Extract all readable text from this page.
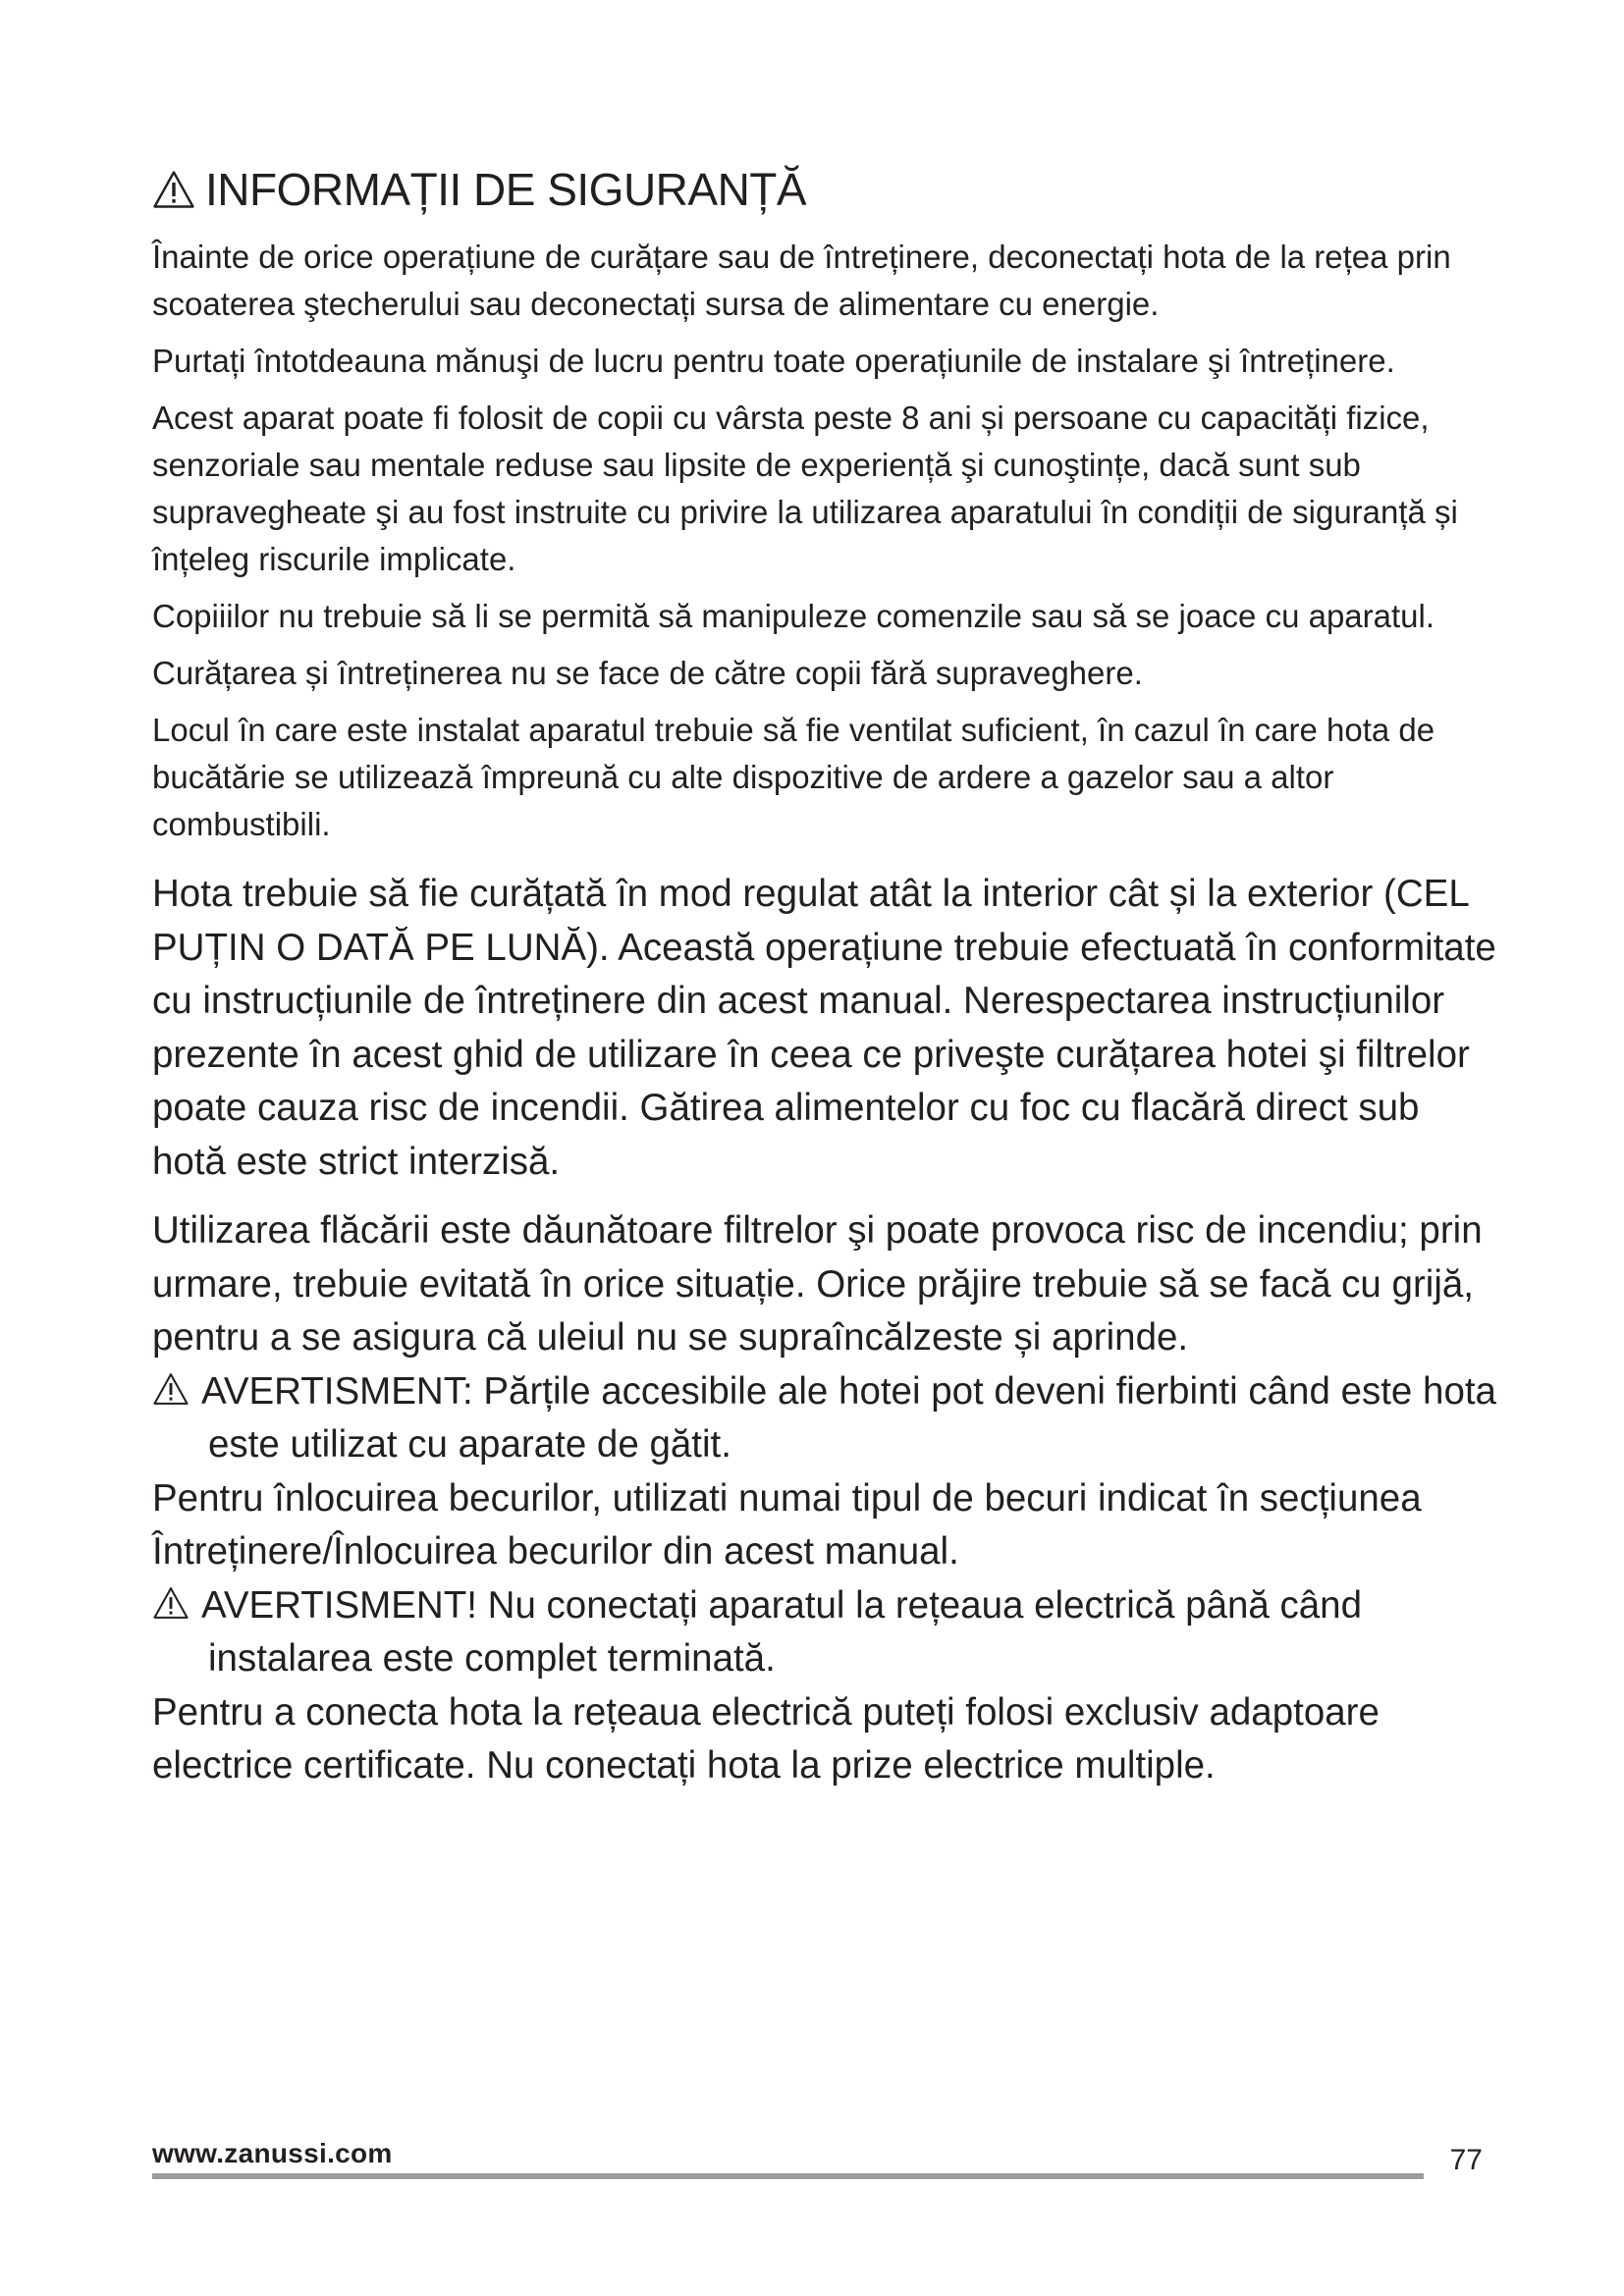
INFORMAȚII DE SIGURANȚĂ

Înainte de orice operațiune de curățare sau de întreținere, deconectați hota de la rețea prin scoaterea ştecherului sau deconectați sursa de alimentare cu energie.

Purtați întotdeauna mănuşi de lucru pentru toate operațiunile de instalare şi întreținere.

Acest aparat poate fi folosit de copii cu vârsta peste 8 ani și persoane cu capacități fizice, senzoriale sau mentale reduse sau lipsite de experiență şi cunoştințe, dacă sunt sub supravegheate şi au fost instruite cu privire la utilizarea aparatului în condiții de siguranță și înțeleg riscurile implicate.

Copiiilor nu trebuie să li se permită să manipuleze comenzile sau să se joace cu aparatul.

Curățarea și întreținerea nu se face de către copii fără supraveghere.

Locul în care este instalat aparatul trebuie să fie ventilat suficient, în cazul în care hota de bucătărie se utilizează împreună cu alte dispozitive de ardere a gazelor sau a altor combustibili.

Hota trebuie să fie curățată în mod regulat atât la interior cât și la exterior (CEL PUȚIN O DATĂ PE LUNĂ). Această operațiune trebuie efectuată în conformitate cu instrucțiunile de întreținere din acest manual. Nerespectarea instrucțiunilor prezente în acest ghid de utilizare în ceea ce priveşte curățarea hotei şi filtrelor poate cauza risc de incendii. Gătirea alimentelor cu foc cu flacără direct sub hotă este strict interzisă.

Utilizarea flăcării este dăunătoare filtrelor şi poate provoca risc de incendiu; prin urmare, trebuie evitată în orice situație. Orice prăjire trebuie să se facă cu grijă, pentru a se asigura că uleiul nu se supraîncălzeste și aprinde.

AVERTISMENT: Părțile accesibile ale hotei pot deveni fierbinti când este hota este utilizat cu aparate de gătit.

Pentru înlocuirea becurilor, utilizati numai tipul de becuri indicat în secțiunea Întreținere/Înlocuirea becurilor din acest manual.

AVERTISMENT! Nu conectați aparatul la rețeaua electrică până când instalarea este complet terminată.

Pentru a conecta hota la rețeaua electrică puteți folosi exclusiv adaptoare electrice certificate. Nu conectați hota la prize electrice multiple.

www.zanussi.com	77
